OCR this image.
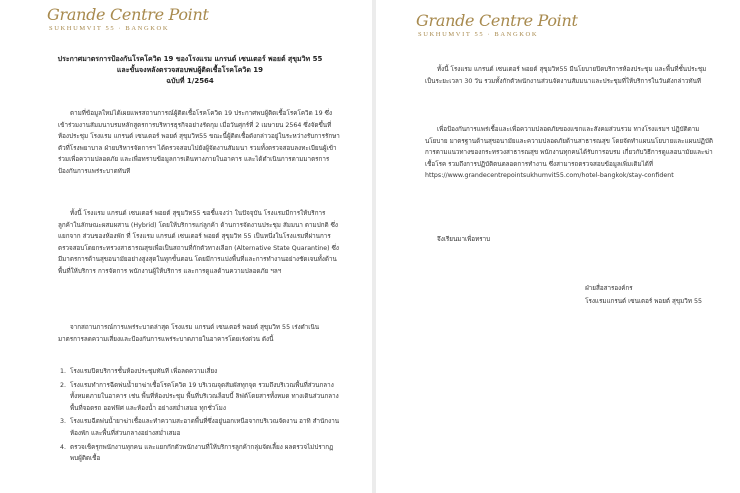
Grande Centre Point
SUKHUMVIT 55 · BANGKOK
ประกาศมาตรการป้องกันโรคโควิด 19 ของโรงแรม แกรนด์ เซนเตอร์ พอยต์ สุขุมวิท 55
และขั้นจงหลังตรวจสอบพบผู้ติดเชื้อโรคโควิด 19
ฉบับที่ 1/2564

ตามที่ข้อมูลใหม่ได้เผยแพรสถานการณ์ผู้ติดเชื้อโรคโควิด 19 ประกาศพบผู้ติดเชื้อโรคโควิด 19 ซึ่งเข้าร่วมงานสัมมนาบรมหลักสูตรการบริหารธุรกิจอย่างรัดกุม เมื่อวันศุกร์ที่ 2 เมษายน 2564 ซึ่งจัดขึ้นที่ ห้องประชุม โรงแรม แกรนด์ เซนเตอร์ พอยต์ สุขุมวิท55 ขณะนี้ผู้ติดเชื้อดังกล่าวอยู่ในระหว่างรับการรักษาตัวที่โรงพยาบาล ฝ่ายบริหารจัดการฯ ได้ตรวจสอบไปยังผู้จัดงานสัมมนา รวมทั้งตรวจสอบลงทะเบียนผู้เข้าร่วมเพื่อความปลอดภัย และเพื่อทราบข้อมูลการเดินทางภายในอาคาร และได้ดำเนินการตามมาตรการป้องกันการแพร่ระบาดทันที

ทั้งนี้ โรงแรม แกรนด์ เซนเตอร์ พอยต์ สุขุมวิท55 ขอชี้แจงว่า ในปัจจุบัน โรงแรมมีการให้บริการลูกค้าในลักษณะผสมผสาน (Hybrid) โดยให้บริการแก่ลูกค้า ด้านการจัดงานประชุม สัมมนา ตามปกติ ซึ่งแยกจาก ส่วนของห้องพัก ที่ โรงแรม แกรนด์ เซนเตอร์ พอยต์ สุขุมวิท 55 เป็นหนึ่งในโรงแรมที่ผ่านการตรวจสอบโดยกระทรวงสาธารณสุขเพื่อเป็นสถานที่กักตัวทางเลือก (Alternative State Quarantine) ซึ่งมีมาตรการด้านสุขอนามัยอย่างสูงสุดในทุกขั้นตอน โดยมีการแบ่งพื้นที่และการทำงานอย่างชัดเจนทั้งด้านพื้นที่ให้บริการ การจัดการ พนักงานผู้ให้บริการ และการดูแลด้านความปลอดภัย ฯลฯ

จากสถานการณ์การแพร่ระบาดล่าสุด โรงแรม แกรนด์ เซนเตอร์ พอยต์ สุขุมวิท 55 เร่งดำเนินมาตรการลดความเสี่ยงและป้องกันการแพร่ระบาดภายในอาคารโดยเร่งด่วน ดังนี้

1. โรงแรมปิดบริการชั้นห้องประชุมทันที เพื่อลดความเสี่ยง
2. โรงแรมทำการฉีดพ่นน้ำยาฆ่าเชื้อโรคโควิด 19 บริเวณจุดสัมผัสทุกจุด รวมถึงบริเวณพื้นที่ส่วนกลางทั้งหมดภายในอาคาร เช่น พื้นที่ห้องประชุม พื้นที่บริเวณล็อบบี้ ลิฟต์โดยสารทั้งหมด ทางเดินส่วนกลาง พื้นที่จอดรถ ออฟฟิศ และห้องน้ำ อย่างสม่ำเสมอ ทุกชั่วโมง
3. โรงแรมฉีดพ่นน้ำยาฆ่าเชื้อและทำความสะอาดพื้นที่ซึ่งอยู่นอกเหนือจากบริเวณจัดงาน อาทิ สำนักงาน ห้องพัก และพื้นที่ส่วนกลางอย่างสม่ำเสมอ
4. ตรวจเช็ครุกพนักงานทุกคน และแยกกักตัวพนักงานที่ให้บริการลูกค้ากลุ่มจัดเลี้ยง ผลตรวจไม่ปรากฏพบผู้ติดเชื้อ
Grande Centre Point
SUKHUMVIT 55 · BANGKOK

ทั้งนี้ โรงแรม แกรนด์ เซนเตอร์ พอยต์ สุขุมวิท55 มีนโยบายปิดบริการห้องประชุม และพื้นที่ชั้นประชุม เป็นระยะเวลา 30 วัน รวมทั้งกักตัวพนักงานส่วนจัดงานสัมมนาและประชุมที่ให้บริการในวันดังกล่าวทันที

เพื่อป้องกันการแพร่เชื้อและเพื่อความปลอดภัยของแขกและสังคมส่วนรวม ทางโรงแรมฯ ปฏิบัติตามนโยบาย มาตรฐานด้านสุขอนามัยและความปลอดภัยด้านสาธารณสุข โดยจัดทำแผนนโยบายและแผนปฏิบัติการตามแนวทางของกระทรวงสาธารณสุข พนักงานทุกคนได้รับการอบรม เกี่ยวกับวิธีการดูแลอนามัยและฆ่าเชื้อโรค รวมถึงการปฏิบัติตนตลอดการทำงาน ซึ่งสามารถตรวจสอบข้อมูลเพิ่มเติมได้ที่ https://www.grandecentrepointsukhumvit55.com/hotel-bangkok/stay-confident

จึงเรียนมาเพื่อทราบ
ฝ่ายสื่อสารองค์กร
โรงแรมแกรนด์ เซนเตอร์ พอยต์ สุขุมวิท 55
